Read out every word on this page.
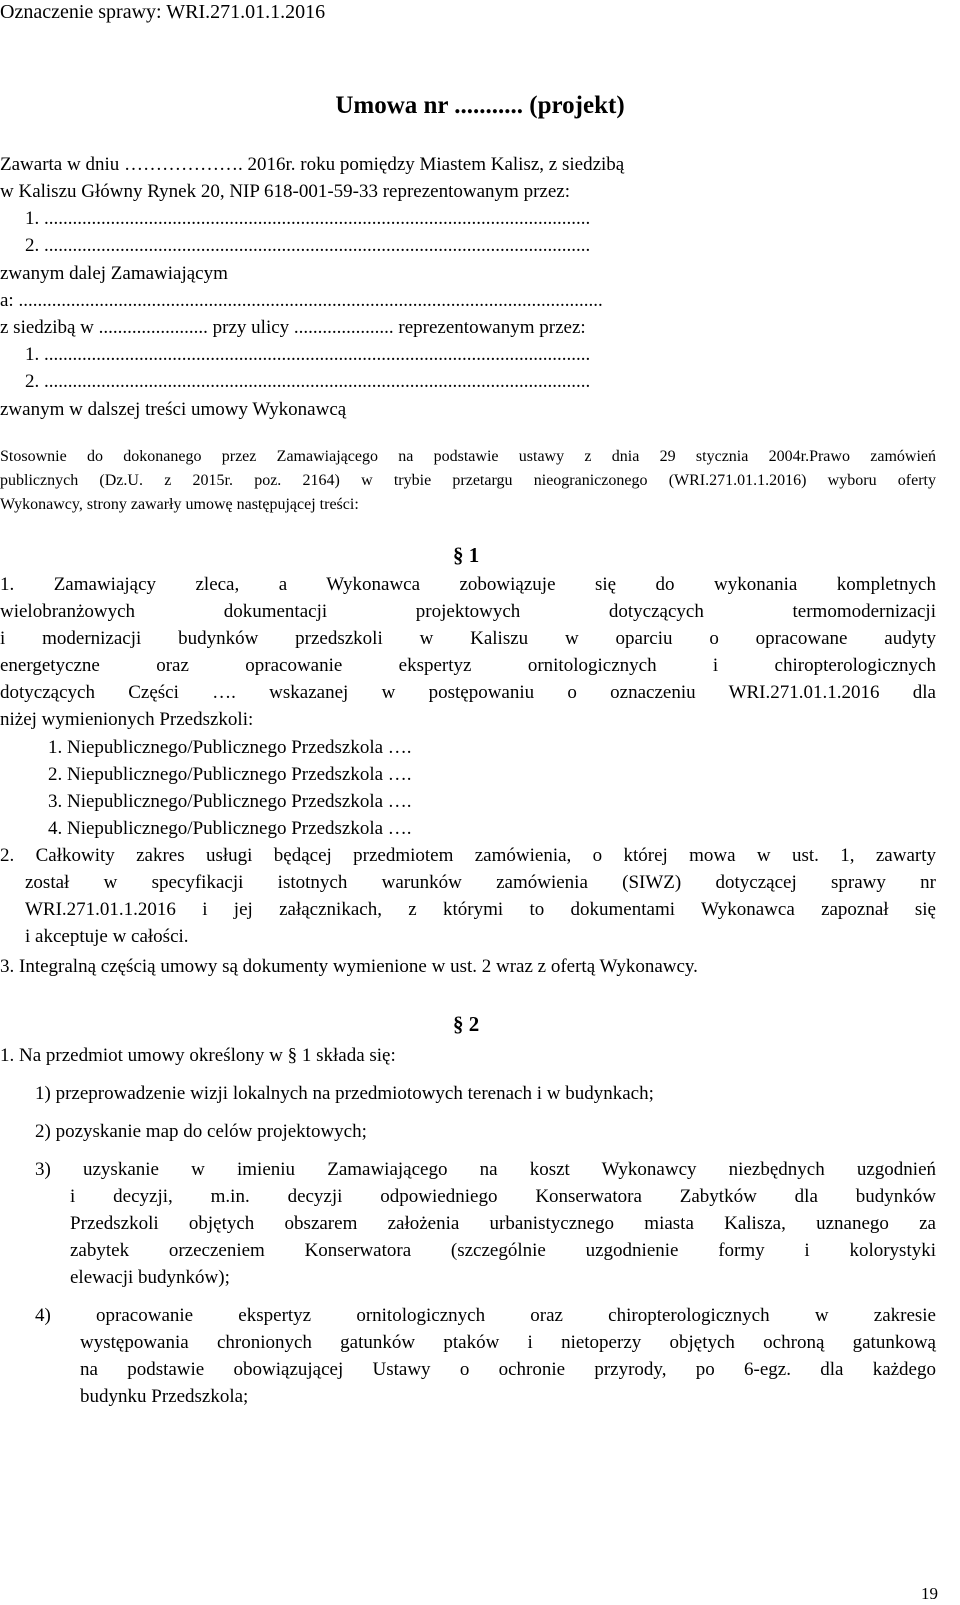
Oznaczenie sprawy: WRI.271.01.1.2016
Umowa nr ........... (projekt)
Zawarta w dniu ………………. 2016r. roku pomiędzy Miastem Kalisz, z siedzibą
w Kaliszu Główny Rynek 20, NIP 618-001-59-33 reprezentowanym przez:
1. ...................................................................................................................
2. ...................................................................................................................
zwanym dalej Zamawiającym
a: ...........................................................................................................................
z siedzibą w ....................... przy ulicy ..................... reprezentowanym przez:
1. ...................................................................................................................
2. ...................................................................................................................
zwanym w dalszej treści umowy Wykonawcą
Stosownie do dokonanego przez Zamawiającego na podstawie ustawy z dnia 29 stycznia 2004r.Prawo zamówień
publicznych (Dz.U. z 2015r. poz. 2164) w trybie przetargu nieograniczonego (WRI.271.01.1.2016) wyboru oferty
Wykonawcy, strony zawarły umowę następującej treści:
§ 1
1. Zamawiający zleca, a Wykonawca zobowiązuje się do wykonania kompletnych
wielobranżowych dokumentacji projektowych dotyczących termomodernizacji
i modernizacji budynków przedszkoli w Kaliszu w oparciu o opracowane audyty
energetyczne oraz opracowanie ekspertyz ornitologicznych i chiropterologicznych
dotyczących Części …. wskazanej w postępowaniu o oznaczeniu WRI.271.01.1.2016 dla
niżej wymienionych Przedszkoli:
1. Niepublicznego/Publicznego Przedszkola ….
2. Niepublicznego/Publicznego Przedszkola ….
3. Niepublicznego/Publicznego Przedszkola ….
4. Niepublicznego/Publicznego Przedszkola ….
2. Całkowity zakres usługi będącej przedmiotem zamówienia, o której mowa w ust. 1, zawarty
został w specyfikacji istotnych warunków zamówienia (SIWZ) dotyczącej sprawy nr
WRI.271.01.1.2016 i jej załącznikach, z którymi to dokumentami Wykonawca zapoznał się
i akceptuje w całości.
3. Integralną częścią umowy są dokumenty wymienione w ust. 2 wraz z ofertą Wykonawcy.
§ 2
1. Na przedmiot umowy określony w § 1 składa się:
1) przeprowadzenie wizji lokalnych na przedmiotowych terenach i w budynkach;
2) pozyskanie map do celów projektowych;
3) uzyskanie w imieniu Zamawiającego na koszt Wykonawcy niezbędnych uzgodnień
i decyzji, m.in. decyzji odpowiedniego Konserwatora Zabytków dla budynków
Przedszkoli objętych obszarem założenia urbanistycznego miasta Kalisza, uznanego za
zabytek orzeczeniem Konserwatora (szczególnie uzgodnienie formy i kolorystyki
elewacji budynków);
4) opracowanie ekspertyz ornitologicznych oraz chiropterologicznych w zakresie
występowania chronionych gatunków ptaków i nietoperzy objętych ochroną gatunkową
na podstawie obowiązującej Ustawy o ochronie przyrody, po 6-egz. dla każdego
budynku Przedszkola;
19
